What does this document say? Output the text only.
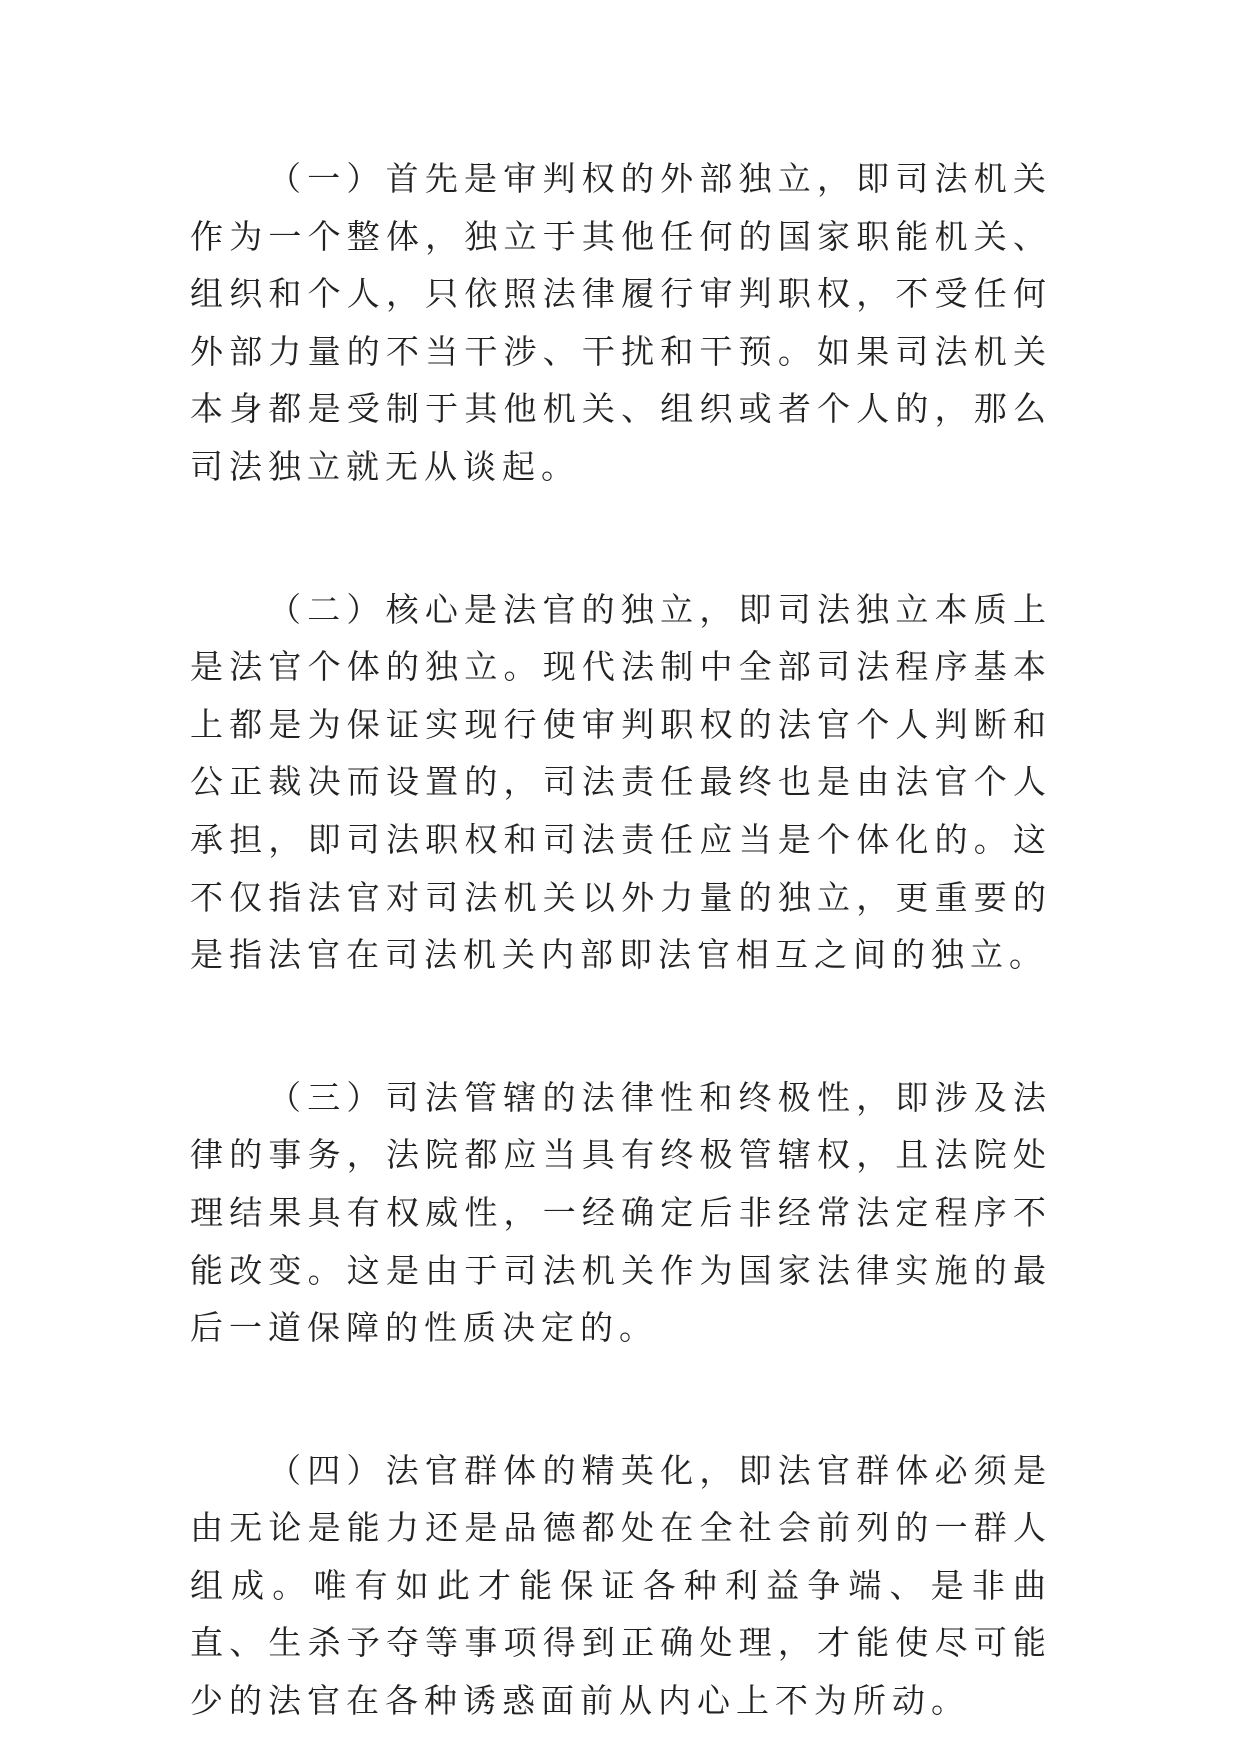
（一）首先是审判权的外部独立，即司法机关作为一个整体，独立于其他任何的国家职能机关、组织和个人，只依照法律履行审判职权，不受任何外部力量的不当干涉、干扰和干预。如果司法机关本身都是受制于其他机关、组织或者个人的，那么司法独立就无从谈起。

（二）核心是法官的独立，即司法独立本质上是法官个体的独立。现代法制中全部司法程序基本上都是为保证实现行使审判职权的法官个人判断和公正裁决而设置的，司法责任最终也是由法官个人承担，即司法职权和司法责任应当是个体化的。这不仅指法官对司法机关以外力量的独立，更重要的是指法官在司法机关内部即法官相互之间的独立。

（三）司法管辖的法律性和终极性，即涉及法律的事务，法院都应当具有终极管辖权，且法院处理结果具有权威性，一经确定后非经常法定程序不能改变。这是由于司法机关作为国家法律实施的最后一道保障的性质决定的。

（四）法官群体的精英化，即法官群体必须是由无论是能力还是品德都处在全社会前列的一群人组成。唯有如此才能保证各种利益争端、是非曲直、生杀予夺等事项得到正确处理，才能使尽可能少的法官在各种诱惑面前从内心上不为所动。
